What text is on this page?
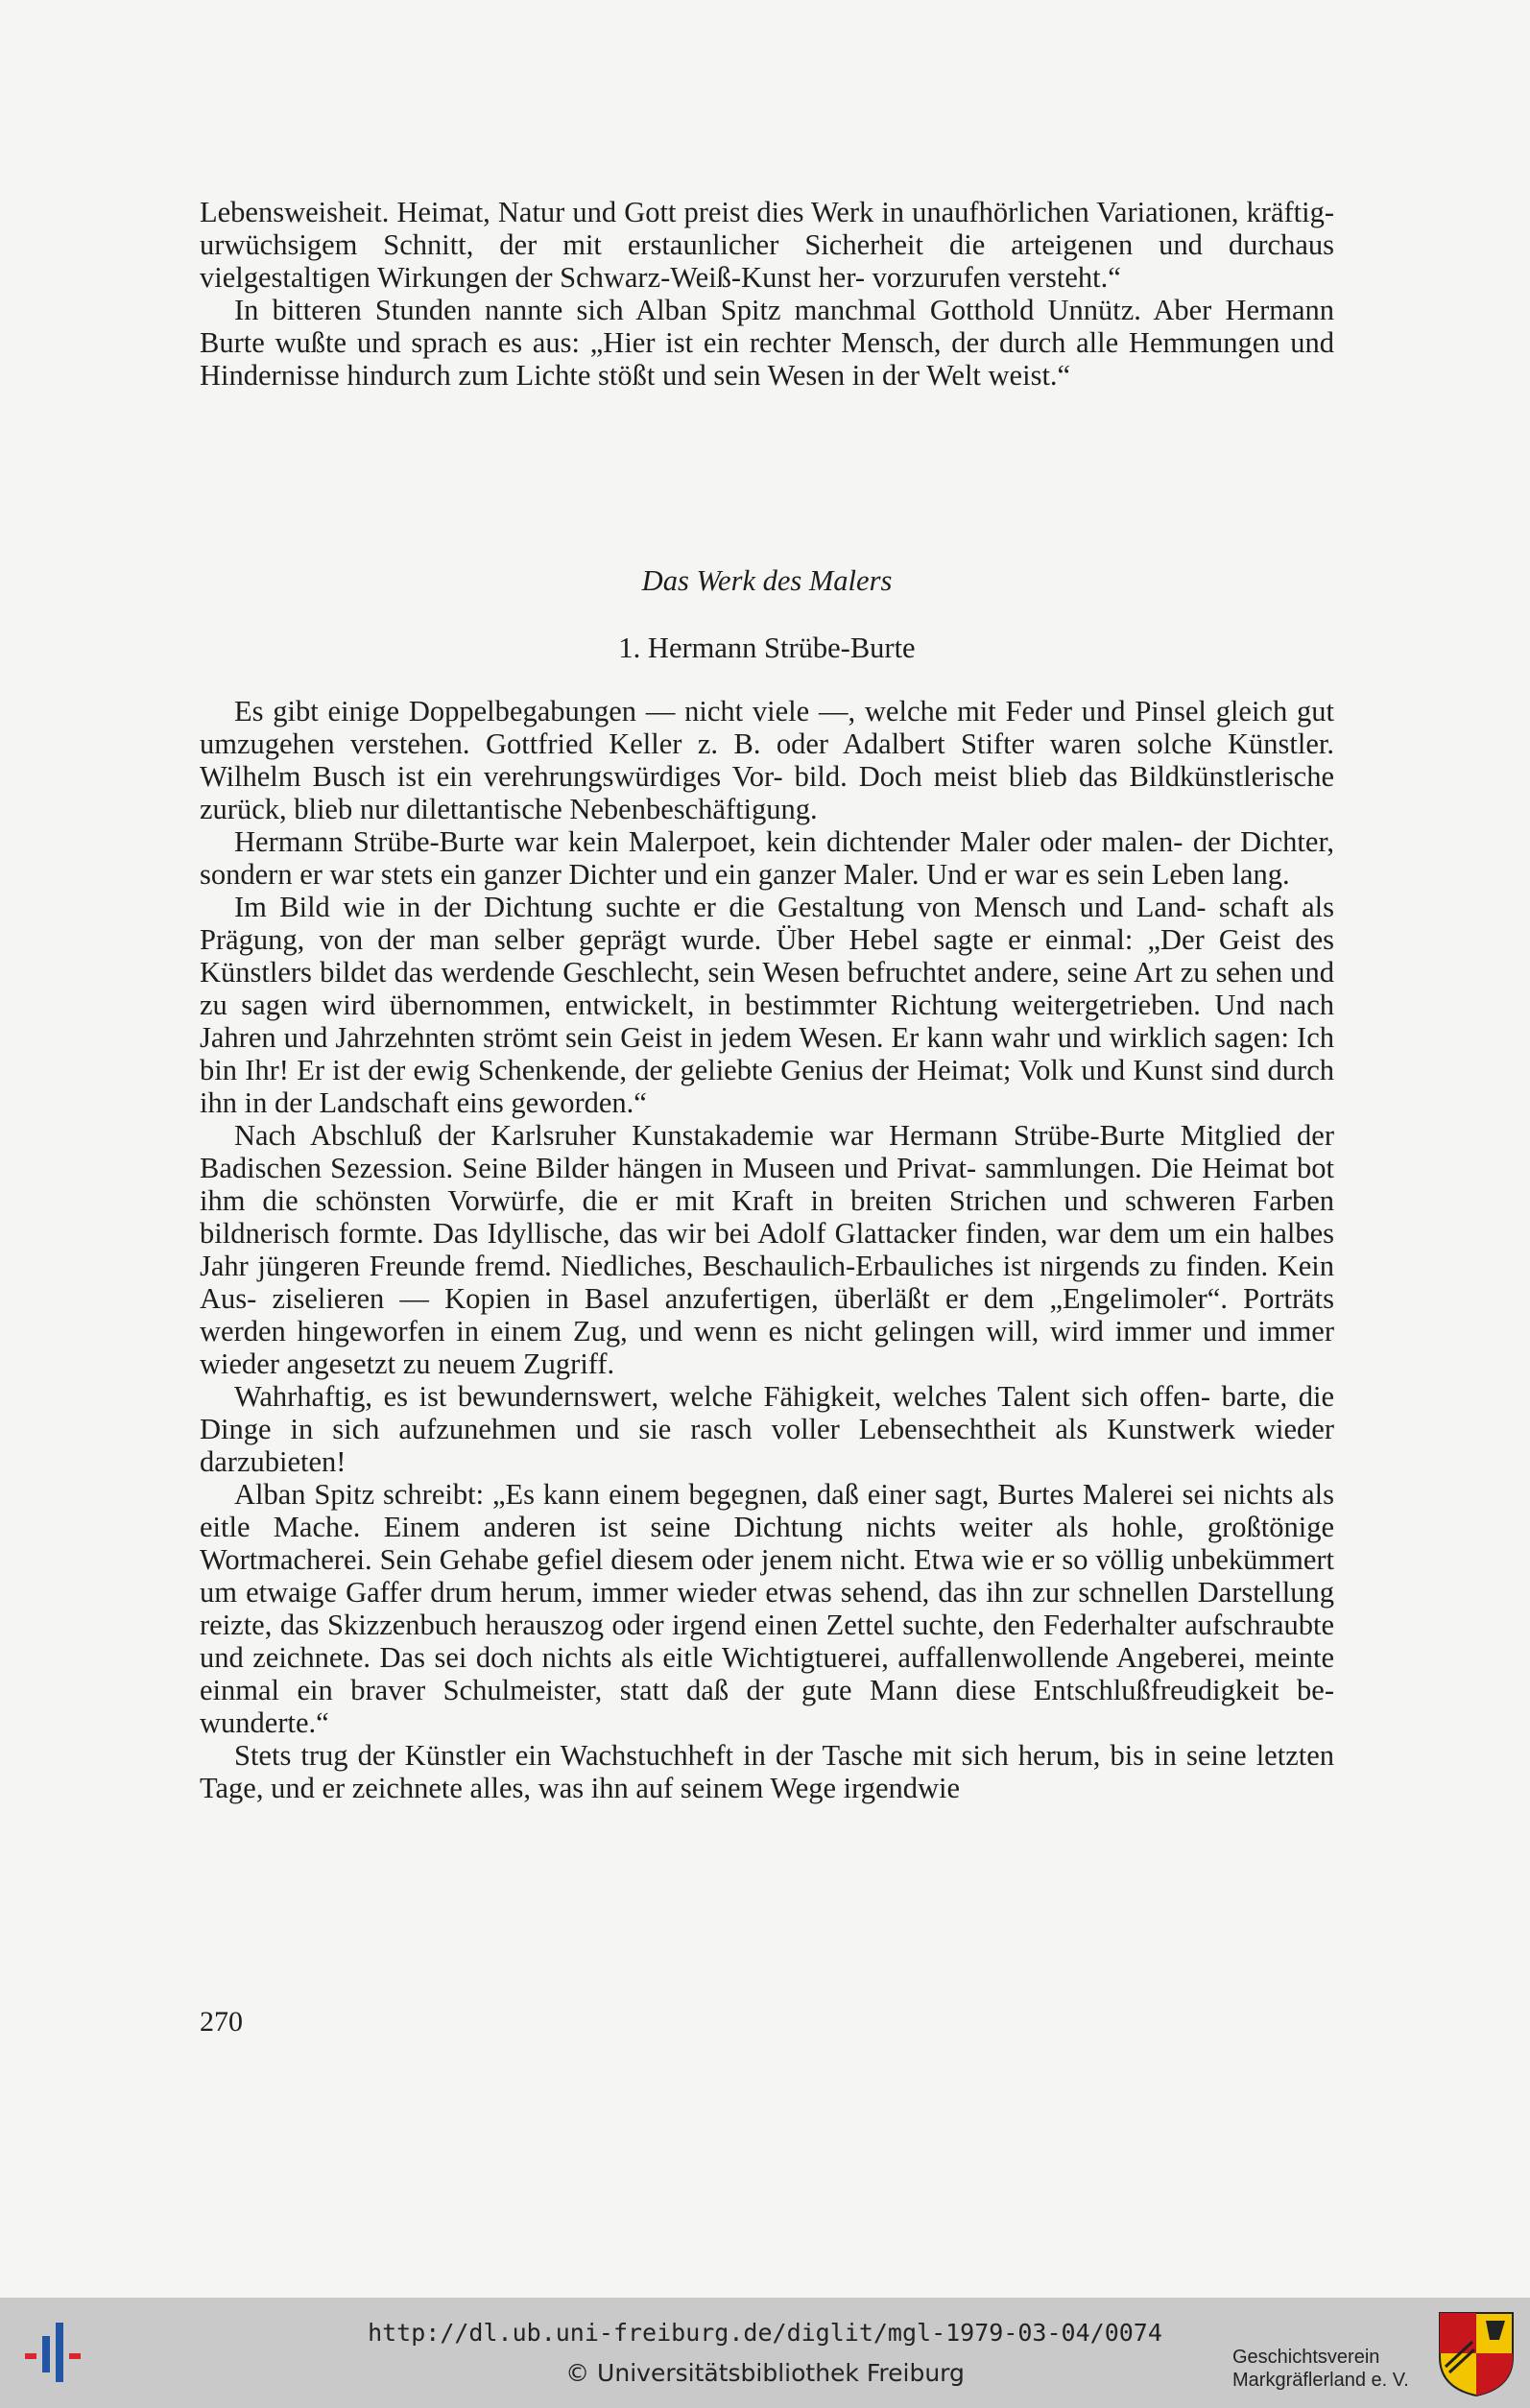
Lebensweisheit. Heimat, Natur und Gott preist dies Werk in unaufhörlichen Variationen, kräftig-urwüchsigem Schnitt, der mit erstaunlicher Sicherheit die arteigenen und durchaus vielgestaltigen Wirkungen der Schwarz-Weiß-Kunst her- vorzurufen versteht.“

In bitteren Stunden nannte sich Alban Spitz manchmal Gotthold Unnütz. Aber Hermann Burte wußte und sprach es aus: „Hier ist ein rechter Mensch, der durch alle Hemmungen und Hindernisse hindurch zum Lichte stößt und sein Wesen in der Welt weist.“

Das Werk des Malers
1. Hermann Strübe-Burte

Es gibt einige Doppelbegabungen — nicht viele —, welche mit Feder und Pinsel gleich gut umzugehen verstehen. Gottfried Keller z. B. oder Adalbert Stifter waren solche Künstler. Wilhelm Busch ist ein verehrungswürdiges Vor- bild. Doch meist blieb das Bildkünstlerische zurück, blieb nur dilettantische Nebenbeschäftigung.

Hermann Strübe-Burte war kein Malerpoet, kein dichtender Maler oder malen- der Dichter, sondern er war stets ein ganzer Dichter und ein ganzer Maler. Und er war es sein Leben lang.

Im Bild wie in der Dichtung suchte er die Gestaltung von Mensch und Land- schaft als Prägung, von der man selber geprägt wurde. Über Hebel sagte er einmal: „Der Geist des Künstlers bildet das werdende Geschlecht, sein Wesen befruchtet andere, seine Art zu sehen und zu sagen wird übernommen, entwickelt, in bestimmter Richtung weitergetrieben. Und nach Jahren und Jahrzehnten strömt sein Geist in jedem Wesen. Er kann wahr und wirklich sagen: Ich bin Ihr! Er ist der ewig Schenkende, der geliebte Genius der Heimat; Volk und Kunst sind durch ihn in der Landschaft eins geworden.“

Nach Abschluß der Karlsruher Kunstakademie war Hermann Strübe-Burte Mitglied der Badischen Sezession. Seine Bilder hängen in Museen und Privat- sammlungen. Die Heimat bot ihm die schönsten Vorwürfe, die er mit Kraft in breiten Strichen und schweren Farben bildnerisch formte. Das Idyllische, das wir bei Adolf Glattacker finden, war dem um ein halbes Jahr jüngeren Freunde fremd. Niedliches, Beschaulich-Erbauliches ist nirgends zu finden. Kein Aus- ziselieren — Kopien in Basel anzufertigen, überläßt er dem „Engelimoler“. Porträts werden hingeworfen in einem Zug, und wenn es nicht gelingen will, wird immer und immer wieder angesetzt zu neuem Zugriff.

Wahrhaftig, es ist bewundernswert, welche Fähigkeit, welches Talent sich offen- barte, die Dinge in sich aufzunehmen und sie rasch voller Lebensechtheit als Kunstwerk wieder darzubieten!

Alban Spitz schreibt: „Es kann einem begegnen, daß einer sagt, Burtes Malerei sei nichts als eitle Mache. Einem anderen ist seine Dichtung nichts weiter als hohle, großtönige Wortmacherei. Sein Gehabe gefiel diesem oder jenem nicht. Etwa wie er so völlig unbekümmert um etwaige Gaffer drum herum, immer wieder etwas sehend, das ihn zur schnellen Darstellung reizte, das Skizzenbuch herauszog oder irgend einen Zettel suchte, den Federhalter aufschraubte und zeichnete. Das sei doch nichts als eitle Wichtigtuerei, auffallenwollende Angeberei, meinte einmal ein braver Schulmeister, statt daß der gute Mann diese Entschlußfreudigkeit be- wunderte.“

Stets trug der Künstler ein Wachstuchheft in der Tasche mit sich herum, bis in seine letzten Tage, und er zeichnete alles, was ihn auf seinem Wege irgendwie

270
http://dl.ub.uni-freiburg.de/diglit/mgl-1979-03-04/0074
© Universitätsbibliothek Freiburg
Geschichtsverein
Markgräflerland e. V.
